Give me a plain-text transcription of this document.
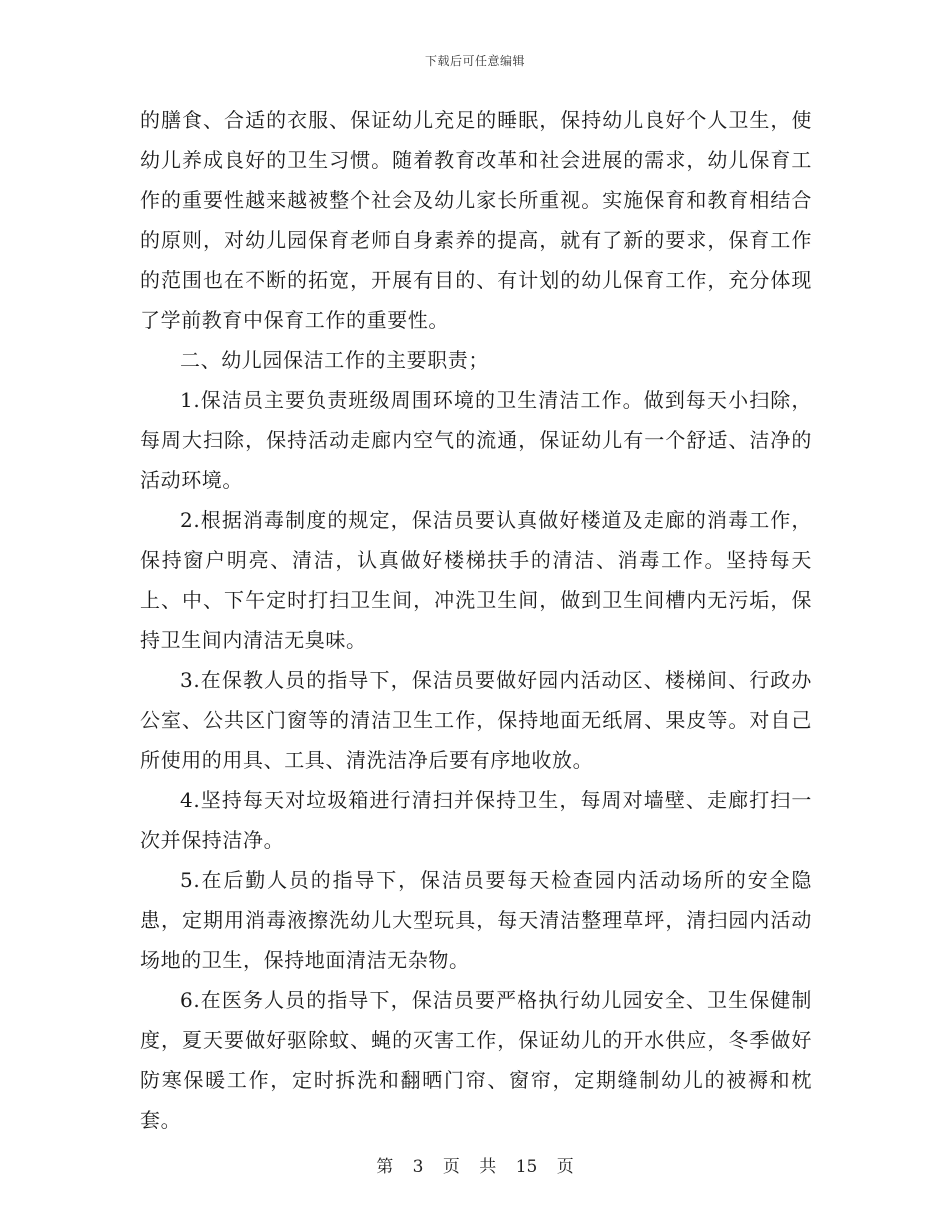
下载后可任意编辑

的膳食、合适的衣服、保证幼儿充足的睡眠，保持幼儿良好个人卫生，使幼儿养成良好的卫生习惯。随着教育改革和社会进展的需求，幼儿保育工作的重要性越来越被整个社会及幼儿家长所重视。实施保育和教育相结合的原则，对幼儿园保育老师自身素养的提高，就有了新的要求，保育工作的范围也在不断的拓宽，开展有目的、有计划的幼儿保育工作，充分体现了学前教育中保育工作的重要性。

二、幼儿园保洁工作的主要职责；

1.保洁员主要负责班级周围环境的卫生清洁工作。做到每天小扫除，每周大扫除，保持活动走廊内空气的流通，保证幼儿有一个舒适、洁净的活动环境。

2.根据消毒制度的规定，保洁员要认真做好楼道及走廊的消毒工作，保持窗户明亮、清洁，认真做好楼梯扶手的清洁、消毒工作。坚持每天上、中、下午定时打扫卫生间，冲洗卫生间，做到卫生间槽内无污垢，保持卫生间内清洁无臭味。

3.在保教人员的指导下，保洁员要做好园内活动区、楼梯间、行政办公室、公共区门窗等的清洁卫生工作，保持地面无纸屑、果皮等。对自己所使用的用具、工具、清洗洁净后要有序地收放。

4.坚持每天对垃圾箱进行清扫并保持卫生，每周对墙壁、走廊打扫一次并保持洁净。

5.在后勤人员的指导下，保洁员要每天检查园内活动场所的安全隐患，定期用消毒液擦洗幼儿大型玩具，每天清洁整理草坪，清扫园内活动场地的卫生，保持地面清洁无杂物。

6.在医务人员的指导下，保洁员要严格执行幼儿园安全、卫生保健制度，夏天要做好驱除蚊、蝇的灭害工作，保证幼儿的开水供应，冬季做好防寒保暖工作，定时拆洗和翻晒门帘、窗帘，定期缝制幼儿的被褥和枕套。

第 3 页 共 15 页
